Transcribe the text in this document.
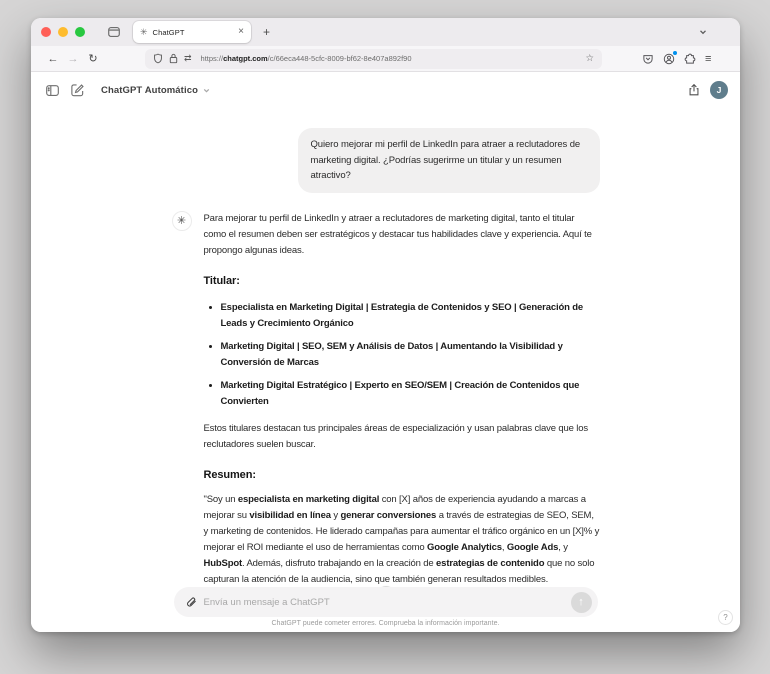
✳ ChatGPT	× +
← → ↻	⇄ https://chatgpt.com/c/66eca448-5cfc-8009-bf62-8e407a892f90	☆	≡
ChatGPT Automático	J
Quiero mejorar mi perfil de LinkedIn para atraer a reclutadores de marketing digital. ¿Podrías sugerirme un titular y un resumen atractivo?
✳	Para mejorar tu perfil de LinkedIn y atraer a reclutadores de marketing digital, tanto el titular como el resumen deben ser estratégicos y destacar tus habilidades clave y experiencia. Aquí te propongo algunas ideas.

Titular:
• Especialista en Marketing Digital | Estrategia de Contenidos y SEO | Generación de Leads y Crecimiento Orgánico
• Marketing Digital | SEO, SEM y Análisis de Datos | Aumentando la Visibilidad y Conversión de Marcas
• Marketing Digital Estratégico | Experto en SEO/SEM | Creación de Contenidos que Convierten

Estos titulares destacan tus principales áreas de especialización y usan palabras clave que los reclutadores suelen buscar.

Resumen:

"Soy un especialista en marketing digital con [X] años de experiencia ayudando a marcas a mejorar su visibilidad en línea y generar conversiones a través de estrategias de SEO, SEM, y marketing de contenidos. He liderado campañas para aumentar el tráfico orgánico en un [X]% y mejorar el ROI mediante el uso de herramientas como Google Analytics, Google Ads, y HubSpot. Además, disfruto trabajando en la creación de estrategias de contenido que no solo capturan la atención de la audiencia, sino que también generan resultados medibles.

Envía un mensaje a ChatGPT
↑
ChatGPT puede cometer errores. Comprueba la información importante.
?
